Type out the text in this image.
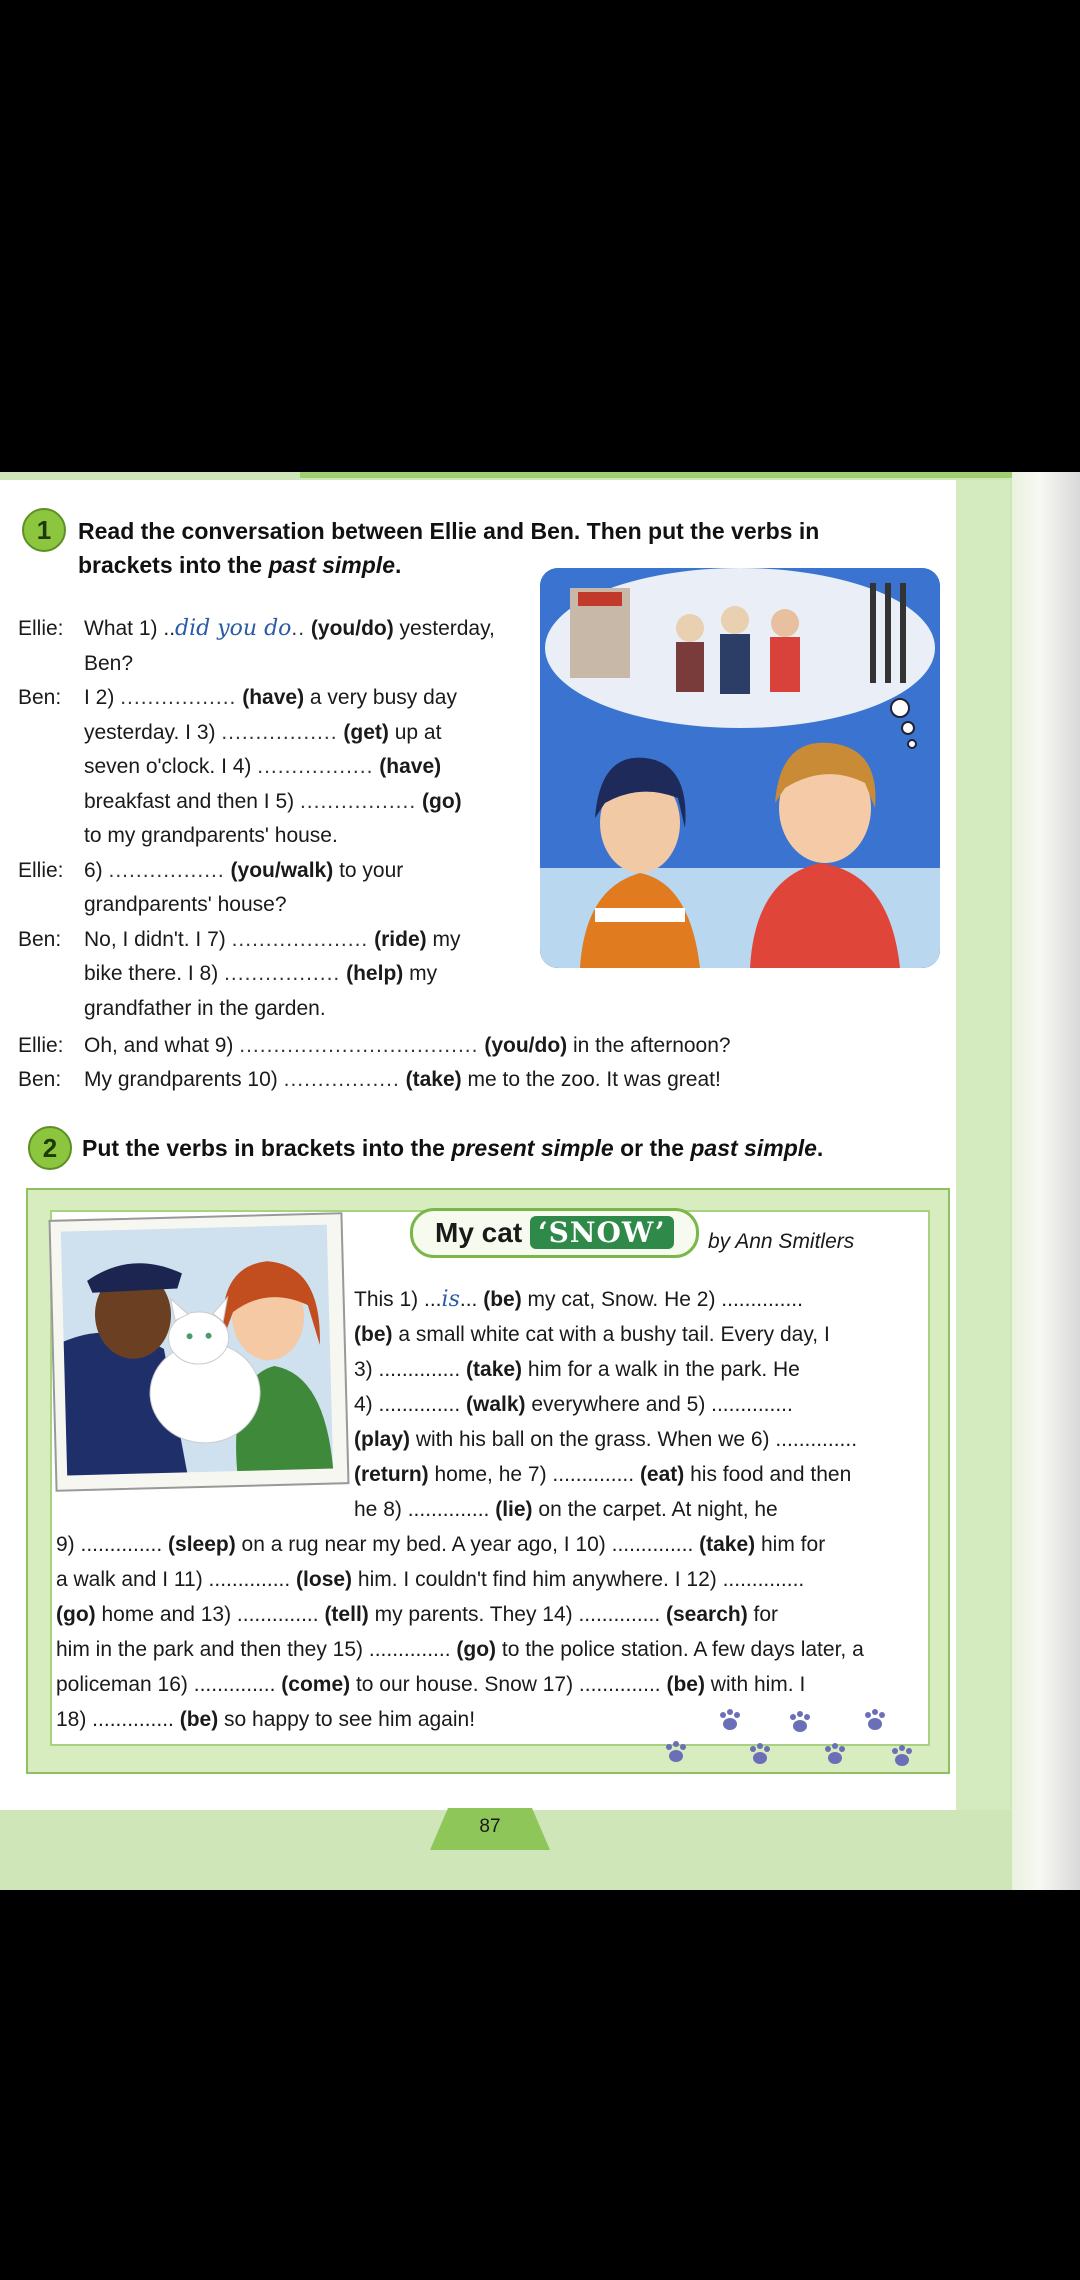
1	Read the conversation between Ellie and Ben. Then put the verbs in
brackets into the past simple.
Ellie: What 1) ..did you do.. (you/do) yesterday,
Ben?
Ben:	I 2) ................. (have) a very busy day
yesterday. I 3) ................. (get) up at
seven o'clock. I 4) ................. (have)
breakfast and then I 5) ................. (go)
to my grandparents' house.
Ellie: 6) ................. (you/walk) to your
grandparents' house?
Ben:	No, I didn't. I 7) .................... (ride) my
bike there. I 8) ................. (help) my
grandfather in the garden.
Ellie: Oh, and what 9) ................................... (you/do) in the afternoon?
Ben: My grandparents 10) ................. (take) me to the zoo. It was great!
2	Put the verbs in brackets into the present simple or the past simple.
My cat ‘SNOW’	by Ann Smitlers
This 1) ...is... (be) my cat, Snow. He 2) ..............
(be) a small white cat with a bushy tail. Every day, I
3) .............. (take) him for a walk in the park. He
4) .............. (walk) everywhere and 5) ..............
(play) with his ball on the grass. When we 6) ..............
(return) home, he 7) .............. (eat) his food and then
he 8) .............. (lie) on the carpet. At night, he
9) .............. (sleep) on a rug near my bed. A year ago, I 10) .............. (take) him for
a walk and I 11) .............. (lose) him. I couldn't find him anywhere. I 12) ..............
(go) home and 13) .............. (tell) my parents. They 14) .............. (search) for
him in the park and then they 15) .............. (go) to the police station. A few days later, a
policeman 16) .............. (come) to our house. Snow 17) .............. (be) with him. I
18) .............. (be) so happy to see him again!
87
